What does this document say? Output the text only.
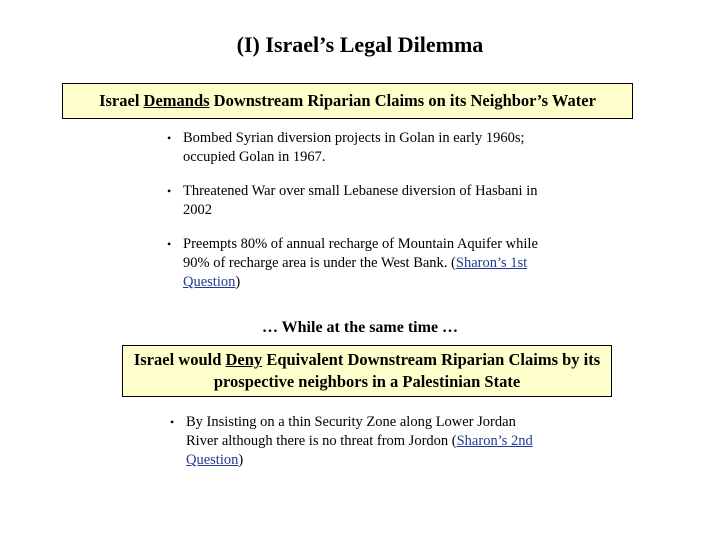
(I) Israel’s Legal Dilemma
Israel Demands Downstream Riparian Claims on its Neighbor’s Water
• Bombed Syrian diversion projects in Golan in early 1960s; occupied Golan in 1967.
• Threatened War over small Lebanese diversion of Hasbani in 2002
• Preempts 80% of annual recharge of Mountain Aquifer while 90% of recharge area is under the West Bank. (Sharon’s 1st Question)
… While at the same time …
Israel would Deny Equivalent Downstream Riparian Claims by its prospective neighbors in a Palestinian State
• By Insisting on a thin Security Zone along Lower Jordan River although there is no threat from Jordon (Sharon’s 2nd Question)
